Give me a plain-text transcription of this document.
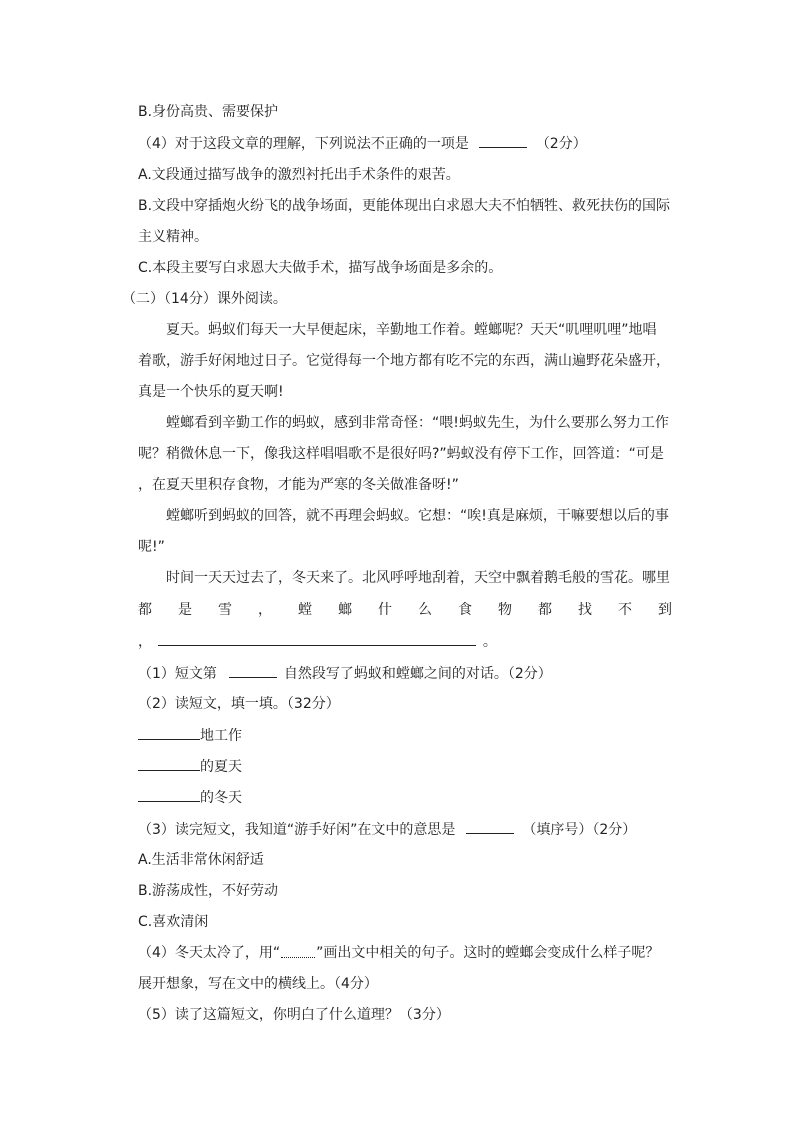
B.身份高贵、需要保护
（4）对于这段文章的理解，下列说法不正确的一项是	（2分）
A.文段通过描写战争的激烈衬托出手术条件的艰苦。
B.文段中穿插炮火纷飞的战争场面，更能体现出白求恩大夫不怕牺牲、救死扶伤的国际
主义精神。
C.本段主要写白求恩大夫做手术，描写战争场面是多余的。
（二）（14分）课外阅读。
夏天。蚂蚁们每天一大早便起床，辛勤地工作着。螳螂呢？天天“叽哩叽哩”地唱
着歌，游手好闲地过日子。它觉得每一个地方都有吃不完的东西，满山遍野花朵盛开，
真是一个快乐的夏天啊!
螳螂看到辛勤工作的蚂蚁，感到非常奇怪：“喂!蚂蚁先生，为什么要那么努力工作
呢？稍微休息一下，像我这样唱唱歌不是很好吗?”蚂蚁没有停下工作，回答道：“可是
，在夏天里积存食物，才能为严寒的冬关做准备呀!”
螳螂听到蚂蚁的回答，就不再理会蚂蚁。它想：“唉!真是麻烦，干嘛要想以后的事
呢!”
时间一天天过去了，冬天来了。北风呼呼地刮着，天空中飘着鹅毛般的雪花。哪里
都 是 雪 ， 螳 螂 什 么 食 物 都 找 不 到
，	。
（1）短文第	自然段写了蚂蚁和螳螂之间的对话。（2分）
（2）读短文，填一填。（32分）
地工作
的夏天
的冬天
（3）读完短文，我知道“游手好闲”在文中的意思是	（填序号）（2分）
A.生活非常休闲舒适
B.游荡成性，不好劳动
C.喜欢清闲
（4）冬天太冷了，用“	”画出文中相关的句子。这时的螳螂会变成什么样子呢？
展开想象，写在文中的横线上。（4分）
（5）读了这篇短文，你明白了什么道理？（3分）
